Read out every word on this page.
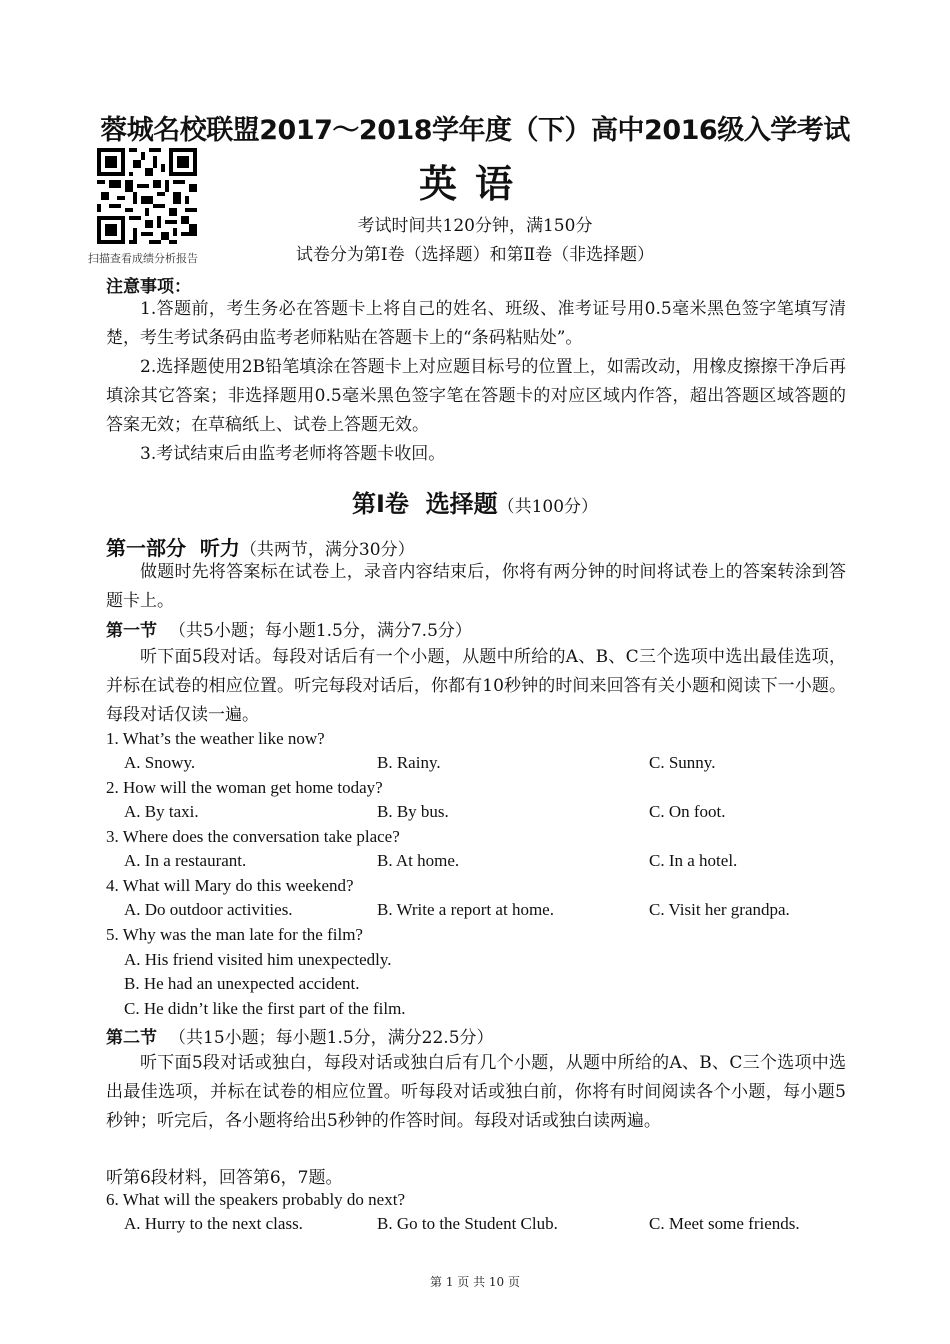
蓉城名校联盟2017～2018学年度（下）高中2016级入学考试
扫描查看成绩分析报告
英语
考试时间共120分钟，满150分
试卷分为第Ⅰ卷（选择题）和第Ⅱ卷（非选择题）
注意事项：
1.答题前，考生务必在答题卡上将自己的姓名、班级、准考证号用0.5毫米黑色签字笔填写清楚，考生考试条码由监考老师粘贴在答题卡上的“条码粘贴处”。
2.选择题使用2B铅笔填涂在答题卡上对应题目标号的位置上，如需改动，用橡皮擦擦干净后再填涂其它答案；非选择题用0.5毫米黑色签字笔在答题卡的对应区域内作答，超出答题区域答题的答案无效；在草稿纸上、试卷上答题无效。
3.考试结束后由监考老师将答题卡收回。
第Ⅰ卷  选择题（共100分）
第一部分  听力（共两节，满分30分）
做题时先将答案标在试卷上，录音内容结束后，你将有两分钟的时间将试卷上的答案转涂到答题卡上。
第一节 （共5小题；每小题1.5分，满分7.5分）
听下面5段对话。每段对话后有一个小题，从题中所给的A、B、C三个选项中选出最佳选项，并标在试卷的相应位置。听完每段对话后，你都有10秒钟的时间来回答有关小题和阅读下一小题。每段对话仅读一遍。
1. What’s the weather like now?
A. Snowy.	B. Rainy.	C. Sunny.
2. How will the woman get home today?
A. By taxi.	B. By bus.	C. On foot.
3. Where does the conversation take place?
A. In a restaurant.	B. At home.	C. In a hotel.
4. What will Mary do this weekend?
A. Do outdoor activities.	B. Write a report at home.	C. Visit her grandpa.
5. Why was the man late for the film?
A. His friend visited him unexpectedly.
B. He had an unexpected accident.
C. He didn’t like the first part of the film.
第二节 （共15小题；每小题1.5分，满分22.5分）
听下面5段对话或独白，每段对话或独白后有几个小题，从题中所给的A、B、C三个选项中选出最佳选项，并标在试卷的相应位置。听每段对话或独白前，你将有时间阅读各个小题，每小题5秒钟；听完后，各小题将给出5秒钟的作答时间。每段对话或独白读两遍。
听第6段材料，回答第6，7题。
6. What will the speakers probably do next?
A. Hurry to the next class.	B. Go to the Student Club.	C. Meet some friends.
第 1 页 共 10 页
